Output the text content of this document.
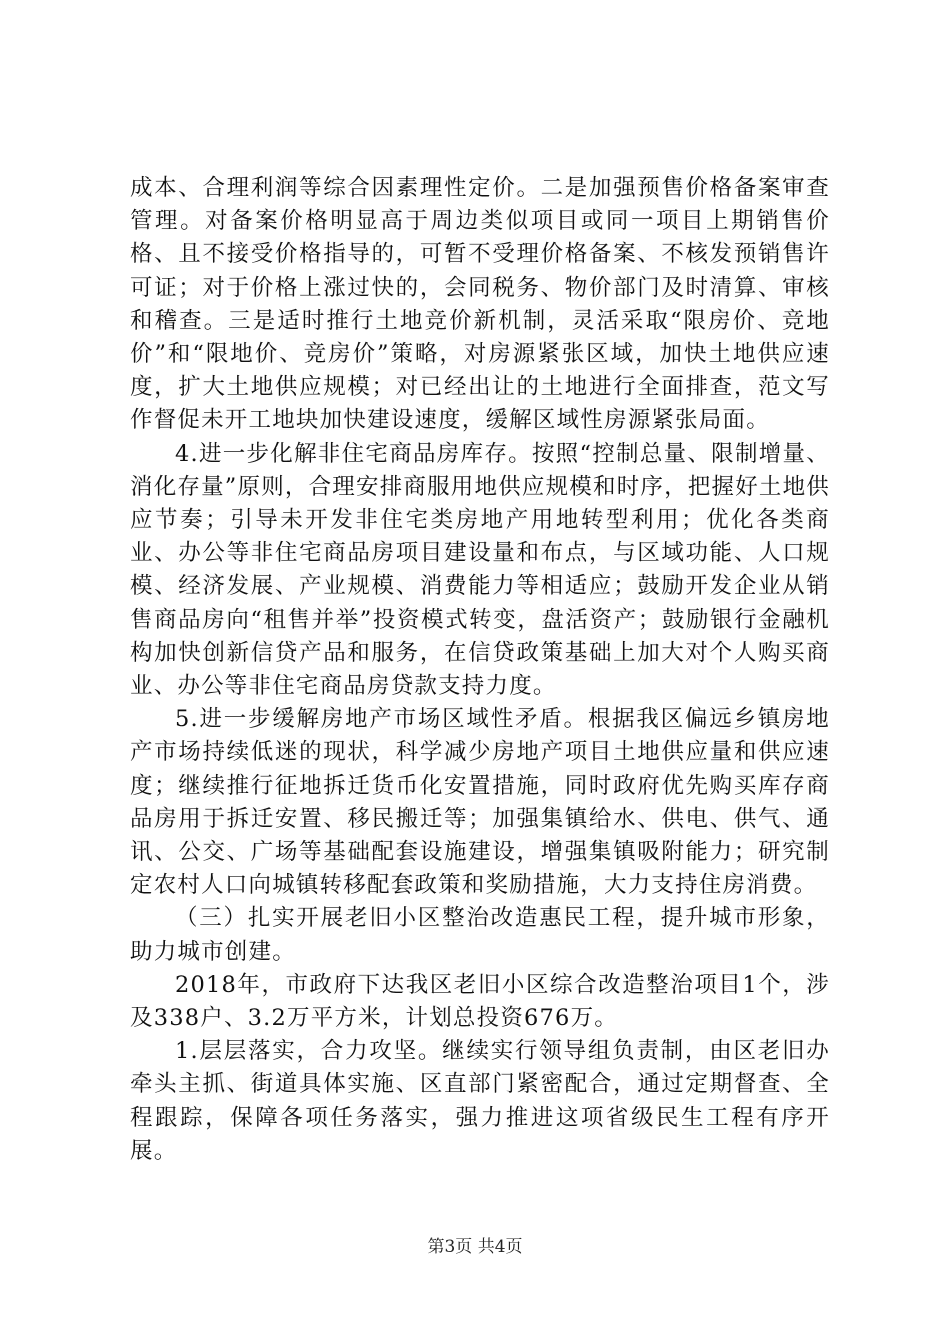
成本、合理利润等综合因素理性定价。二是加强预售价格备案审查管理。对备案价格明显高于周边类似项目或同一项目上期销售价格、且不接受价格指导的，可暂不受理价格备案、不核发预销售许可证；对于价格上涨过快的，会同税务、物价部门及时清算、审核和稽查。三是适时推行土地竞价新机制，灵活采取“限房价、竞地价”和“限地价、竞房价”策略，对房源紧张区域，加快土地供应速度，扩大土地供应规模；对已经出让的土地进行全面排查，范文写作督促未开工地块加快建设速度，缓解区域性房源紧张局面。

4.进一步化解非住宅商品房库存。按照“控制总量、限制增量、消化存量”原则，合理安排商服用地供应规模和时序，把握好土地供应节奏；引导未开发非住宅类房地产用地转型利用；优化各类商业、办公等非住宅商品房项目建设量和布点，与区域功能、人口规模、经济发展、产业规模、消费能力等相适应；鼓励开发企业从销售商品房向“租售并举”投资模式转变，盘活资产；鼓励银行金融机构加快创新信贷产品和服务，在信贷政策基础上加大对个人购买商业、办公等非住宅商品房贷款支持力度。

5.进一步缓解房地产市场区域性矛盾。根据我区偏远乡镇房地产市场持续低迷的现状，科学减少房地产项目土地供应量和供应速度；继续推行征地拆迁货币化安置措施，同时政府优先购买库存商品房用于拆迁安置、移民搬迁等；加强集镇给水、供电、供气、通讯、公交、广场等基础配套设施建设，增强集镇吸附能力；研究制定农村人口向城镇转移配套政策和奖励措施，大力支持住房消费。

（三）扎实开展老旧小区整治改造惠民工程，提升城市形象，助力城市创建。

2018年，市政府下达我区老旧小区综合改造整治项目1个，涉及338户、3.2万平方米，计划总投资676万。

1.层层落实，合力攻坚。继续实行领导组负责制，由区老旧办牵头主抓、街道具体实施、区直部门紧密配合，通过定期督查、全程跟踪，保障各项任务落实，强力推进这项省级民生工程有序开展。

第3页 共4页
